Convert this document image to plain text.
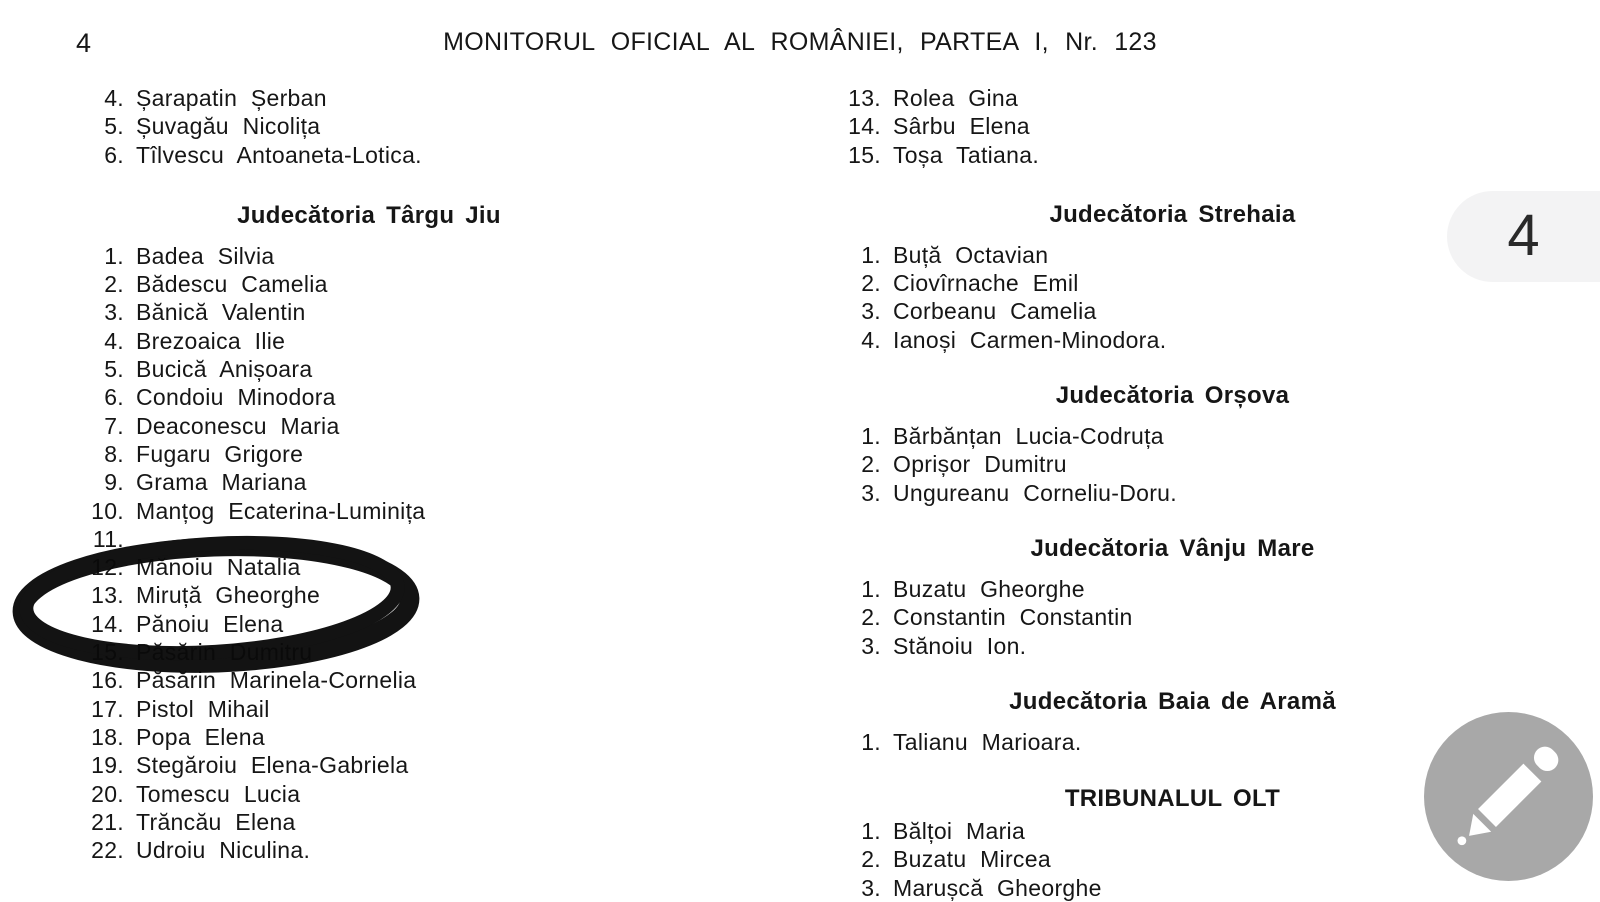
4	MONITORUL OFICIAL AL ROMÂNIEI, PARTEA I, Nr. 123
4. Șarapatin Șerban
5. Șuvagău Nicolița
6. Tîlvescu Antoaneta-Lotica.
Judecătoria Târgu Jiu
1. Badea Silvia
2. Bădescu Camelia
3. Bănică Valentin
4. Brezoaica Ilie
5. Bucică Anișoara
6. Condoiu Minodora
7. Deaconescu Maria
8. Fugaru Grigore
9. Grama Mariana
10. Manțog Ecaterina-Luminița
11.
12. Mănoiu Natalia
13. Miruță Gheorghe
14. Pănoiu Elena
15. Păsărin Dumitru
16. Păsărin Marinela-Cornelia
17. Pistol Mihail
18. Popa Elena
19. Stegăroiu Elena-Gabriela
20. Tomescu Lucia
21. Trăncău Elena
22. Udroiu Niculina.
13. Rolea Gina
14. Sârbu Elena
15. Toșa Tatiana.
Judecătoria Strehaia
1. Buță Octavian
2. Ciovîrnache Emil
3. Corbeanu Camelia
4. Ianoși Carmen-Minodora.
Judecătoria Orșova
1. Bărbănțan Lucia-Codruța
2. Oprișor Dumitru
3. Ungureanu Corneliu-Doru.
Judecătoria Vânju Mare
1. Buzatu Gheorghe
2. Constantin Constantin
3. Stănoiu Ion.
Judecătoria Baia de Aramă
1. Talianu Marioara.
TRIBUNALUL OLT
1. Bălțoi Maria
2. Buzatu Mircea
3. Marușcă Gheorghe
4
